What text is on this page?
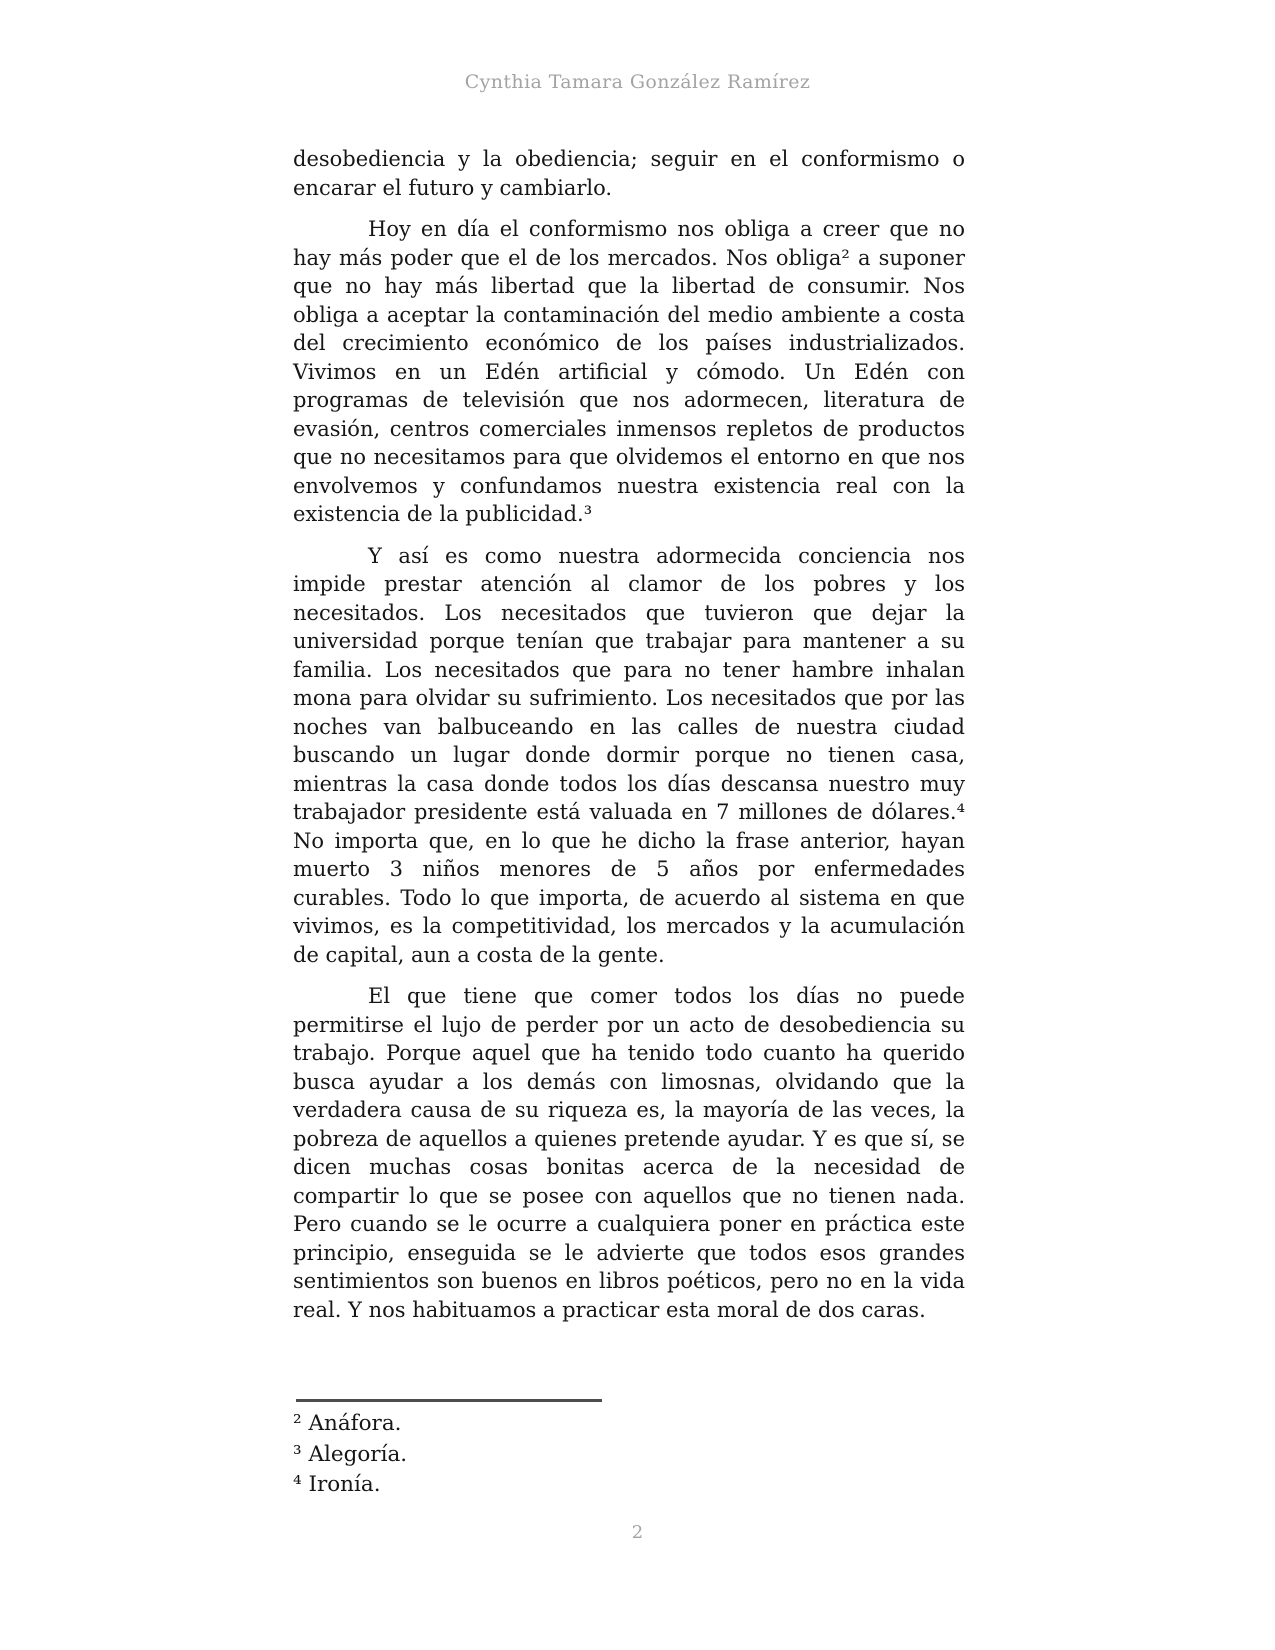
Cynthia Tamara González Ramírez
desobediencia y la obediencia; seguir en el conformismo o
encarar el futuro y cambiarlo.
Hoy en día el conformismo nos obliga a creer que no
hay más poder que el de los mercados. Nos obliga² a suponer
que no hay más libertad que la libertad de consumir. Nos
obliga a aceptar la contaminación del medio ambiente a costa
del crecimiento económico de los países industrializados.
Vivimos en un Edén artificial y cómodo. Un Edén con
programas de televisión que nos adormecen, literatura de
evasión, centros comerciales inmensos repletos de productos
que no necesitamos para que olvidemos el entorno en que nos
envolvemos y confundamos nuestra existencia real con la
existencia de la publicidad.³
Y así es como nuestra adormecida conciencia nos
impide prestar atención al clamor de los pobres y los
necesitados. Los necesitados que tuvieron que dejar la
universidad porque tenían que trabajar para mantener a su
familia. Los necesitados que para no tener hambre inhalan
mona para olvidar su sufrimiento. Los necesitados que por las
noches van balbuceando en las calles de nuestra ciudad
buscando un lugar donde dormir porque no tienen casa,
mientras la casa donde todos los días descansa nuestro muy
trabajador presidente está valuada en 7 millones de dólares.⁴
No importa que, en lo que he dicho la frase anterior, hayan
muerto 3 niños menores de 5 años por enfermedades
curables. Todo lo que importa, de acuerdo al sistema en que
vivimos, es la competitividad, los mercados y la acumulación
de capital, aun a costa de la gente.
El que tiene que comer todos los días no puede
permitirse el lujo de perder por un acto de desobediencia su
trabajo. Porque aquel que ha tenido todo cuanto ha querido
busca ayudar a los demás con limosnas, olvidando que la
verdadera causa de su riqueza es, la mayoría de las veces, la
pobreza de aquellos a quienes pretende ayudar. Y es que sí, se
dicen muchas cosas bonitas acerca de la necesidad de
compartir lo que se posee con aquellos que no tienen nada.
Pero cuando se le ocurre a cualquiera poner en práctica este
principio, enseguida se le advierte que todos esos grandes
sentimientos son buenos en libros poéticos, pero no en la vida
real. Y nos habituamos a practicar esta moral de dos caras.
² Anáfora.
³ Alegoría.
⁴ Ironía.
2
